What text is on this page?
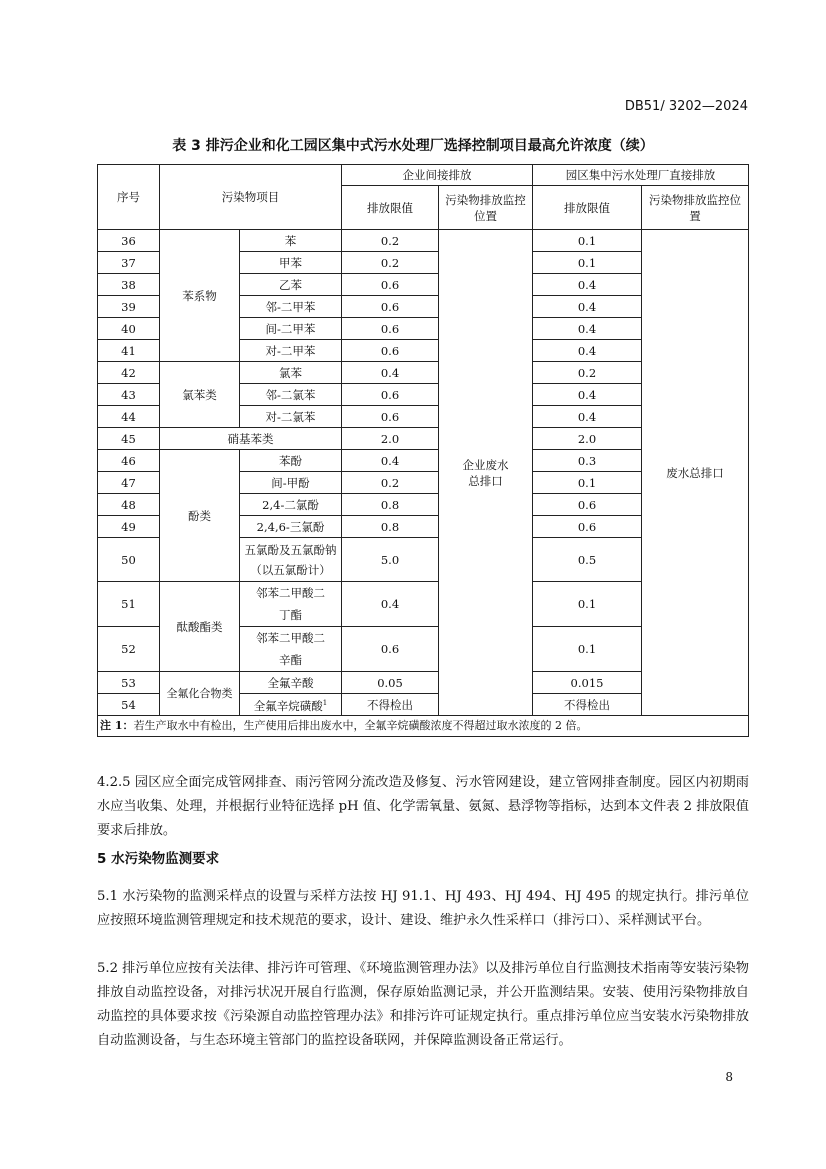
DB51/ 3202—2024
表 3 排污企业和化工园区集中式污水处理厂选择控制项目最高允许浓度（续）
序号	污染物项目		企业间接排放		园区集中污水处理厂直接排放	
			排放限值	污染物排放监控位置	排放限值	污染物排放监控位置
36	苯系物	苯	0.2	企业废水总排口	0.1	废水总排口
37		甲苯	0.2		0.1	
38		乙苯	0.6		0.4	
39		邻-二甲苯	0.6		0.4	
40		间-二甲苯	0.6		0.4	
41		对-二甲苯	0.6		0.4	
42	氯苯类	氯苯	0.4		0.2	
43		邻-二氯苯	0.6		0.4	
44		对-二氯苯	0.6		0.4	
45	硝基苯类		2.0		2.0	
46	酚类	苯酚	0.4		0.3	
47		间-甲酚	0.2		0.1	
48		2,4-二氯酚	0.8		0.6	
49		2,4,6-三氯酚	0.8		0.6	
50		五氯酚及五氯酚钠（以五氯酚计）	5.0		0.5	
51	酞酸酯类	邻苯二甲酸二丁酯	0.4		0.1	
52		邻苯二甲酸二辛酯	0.6		0.1	
53	全氟化合物类	全氟辛酸	0.05		0.015	
54		全氟辛烷磺酸$^1$	不得检出		不得检出	
注 1：若生产取水中有检出，生产使用后排出废水中，全氟辛烷磺酸浓度不得超过取水浓度的 2 倍。						
4.2.5 园区应全面完成管网排查、雨污管网分流改造及修复、污水管网建设，建立管网排查制度。园区内初期雨水应当收集、处理，并根据行业特征选择 pH 值、化学需氧量、氨氮、悬浮物等指标，达到本文件表 2 排放限值要求后排放。
5 水污染物监测要求
5.1 水污染物的监测采样点的设置与采样方法按 HJ 91.1、HJ 493、HJ 494、HJ 495 的规定执行。排污单位应按照环境监测管理规定和技术规范的要求，设计、建设、维护永久性采样口（排污口）、采样测试平台。
5.2 排污单位应按有关法律、排污许可管理、《环境监测管理办法》以及排污单位自行监测技术指南等安装污染物排放自动监控设备，对排污状况开展自行监测，保存原始监测记录，并公开监测结果。安装、使用污染物排放自动监控的具体要求按《污染源自动监控管理办法》和排污许可证规定执行。重点排污单位应当安装水污染物排放自动监测设备，与生态环境主管部门的监控设备联网，并保障监测设备正常运行。
8
